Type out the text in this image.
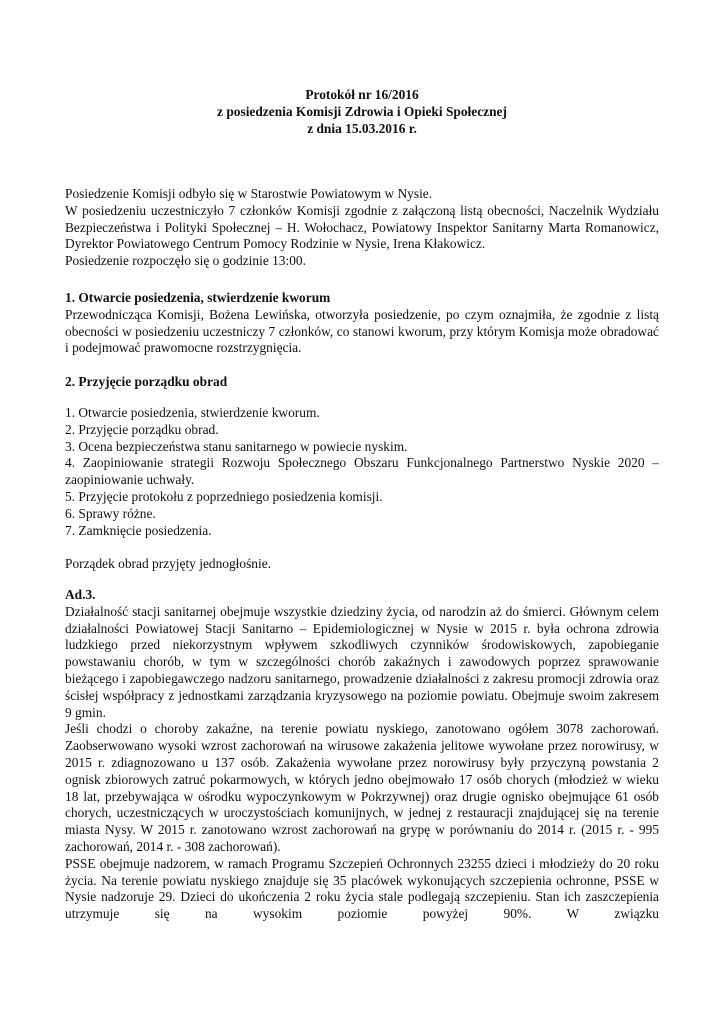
Protokół nr 16/2016
z posiedzenia Komisji Zdrowia i Opieki Społecznej
z dnia 15.03.2016 r.

Posiedzenie Komisji odbyło się w Starostwie Powiatowym w Nysie.

W posiedzeniu uczestniczyło 7 członków Komisji zgodnie z załączoną listą obecności, Naczelnik Wydziału Bezpieczeństwa i Polityki Społecznej – H. Wołochacz, Powiatowy Inspektor Sanitarny Marta Romanowicz, Dyrektor Powiatowego Centrum Pomocy Rodzinie w Nysie, Irena Kłakowicz.

Posiedzenie rozpoczęło się o godzinie 13:00.

1. Otwarcie posiedzenia, stwierdzenie kworum

Przewodnicząca Komisji, Bożena Lewińska, otworzyła posiedzenie, po czym oznajmiła, że zgodnie z listą obecności w posiedzeniu uczestniczy 7 członków, co stanowi kworum, przy którym Komisja może obradować i podejmować prawomocne rozstrzygnięcia.

2. Przyjęcie porządku obrad

1. Otwarcie posiedzenia, stwierdzenie kworum.

2. Przyjęcie porządku obrad.

3. Ocena bezpieczeństwa stanu sanitarnego w powiecie nyskim.

4. Zaopiniowanie strategii Rozwoju Społecznego Obszaru Funkcjonalnego Partnerstwo Nyskie 2020 – zaopiniowanie uchwały.

5. Przyjęcie protokołu z poprzedniego posiedzenia komisji.

6. Sprawy różne.

7. Zamknięcie posiedzenia.

Porządek obrad przyjęty jednogłośnie.

Ad.3.

Działalność stacji sanitarnej obejmuje wszystkie dziedziny życia, od narodzin aż do śmierci. Głównym celem działalności Powiatowej Stacji Sanitarno – Epidemiologicznej w Nysie w 2015 r. była ochrona zdrowia ludzkiego przed niekorzystnym wpływem szkodliwych czynników środowiskowych, zapobieganie powstawaniu chorób, w tym w szczególności chorób zakaźnych i zawodowych poprzez sprawowanie bieżącego i zapobiegawczego nadzoru sanitarnego, prowadzenie działalności z zakresu promocji zdrowia oraz ścisłej współpracy z jednostkami zarządzania kryzysowego na poziomie powiatu. Obejmuje swoim zakresem 9 gmin.

Jeśli chodzi o choroby zakaźne, na terenie powiatu nyskiego, zanotowano ogółem 3078 zachorowań. Zaobserwowano wysoki wzrost zachorowań na wirusowe zakażenia jelitowe wywołane przez norowirusy, w 2015 r. zdiagnozowano u 137 osób. Zakażenia wywołane przez norowirusy były przyczyną powstania 2 ognisk zbiorowych zatruć pokarmowych, w których jedno obejmowało 17 osób chorych (młodzież w wieku 18 lat, przebywająca w ośrodku wypoczynkowym w Pokrzywnej) oraz drugie ognisko obejmujące 61 osób chorych, uczestniczących w uroczystościach komunijnych, w jednej z restauracji znajdującej się na terenie miasta Nysy. W 2015 r. zanotowano wzrost zachorowań na grypę w porównaniu do 2014 r. (2015 r. - 995 zachorowań, 2014 r. - 308 zachorowań).

PSSE obejmuje nadzorem, w ramach Programu Szczepień Ochronnych 23255 dzieci i młodzieży do 20 roku życia. Na terenie powiatu nyskiego znajduje się 35 placówek wykonujących szczepienia ochronne, PSSE w Nysie nadzoruje 29. Dzieci do ukończenia 2 roku życia stale podlegają szczepieniu. Stan ich zaszczepienia utrzymuje się na wysokim poziomie powyżej 90%. W związku
